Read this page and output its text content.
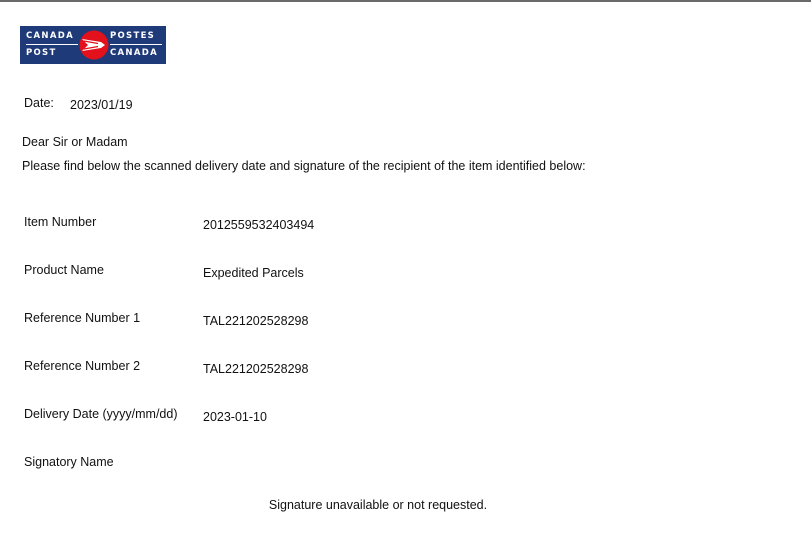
CANADA
POST
POSTES
CANADA
Date: 2023/01/19
Dear Sir or Madam
Please find below the scanned delivery date and signature of the recipient of the item identified below:
Item Number	2012559532403494
Product Name	Expedited Parcels
Reference Number 1	TAL221202528298
Reference Number 2	TAL221202528298
Delivery Date (yyyy/mm/dd) 2023-01-10
Signatory Name
Signature unavailable or not requested.
